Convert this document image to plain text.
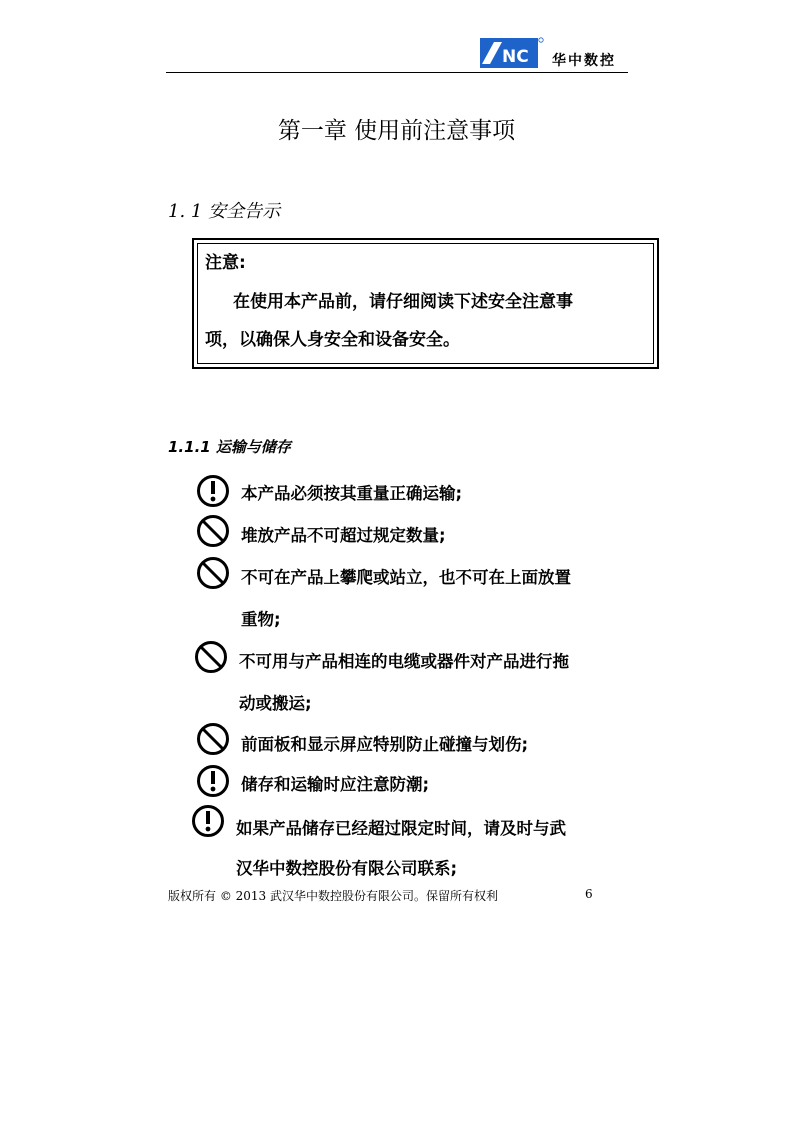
NC 华中数控
第一章 使用前注意事项
1. 1 安全告示
注意:
在使用本产品前，请仔细阅读下述安全注意事
项，以确保人身安全和设备安全。
1.1.1 运输与储存
本产品必须按其重量正确运输;
堆放产品不可超过规定数量;
不可在产品上攀爬或站立，也不可在上面放置
重物;
不可用与产品相连的电缆或器件对产品进行拖
动或搬运;
前面板和显示屏应特别防止碰撞与划伤;
储存和运输时应注意防潮;
如果产品储存已经超过限定时间，请及时与武
汉华中数控股份有限公司联系;
版权所有 © 2013 武汉华中数控股份有限公司。保留所有权利	6
